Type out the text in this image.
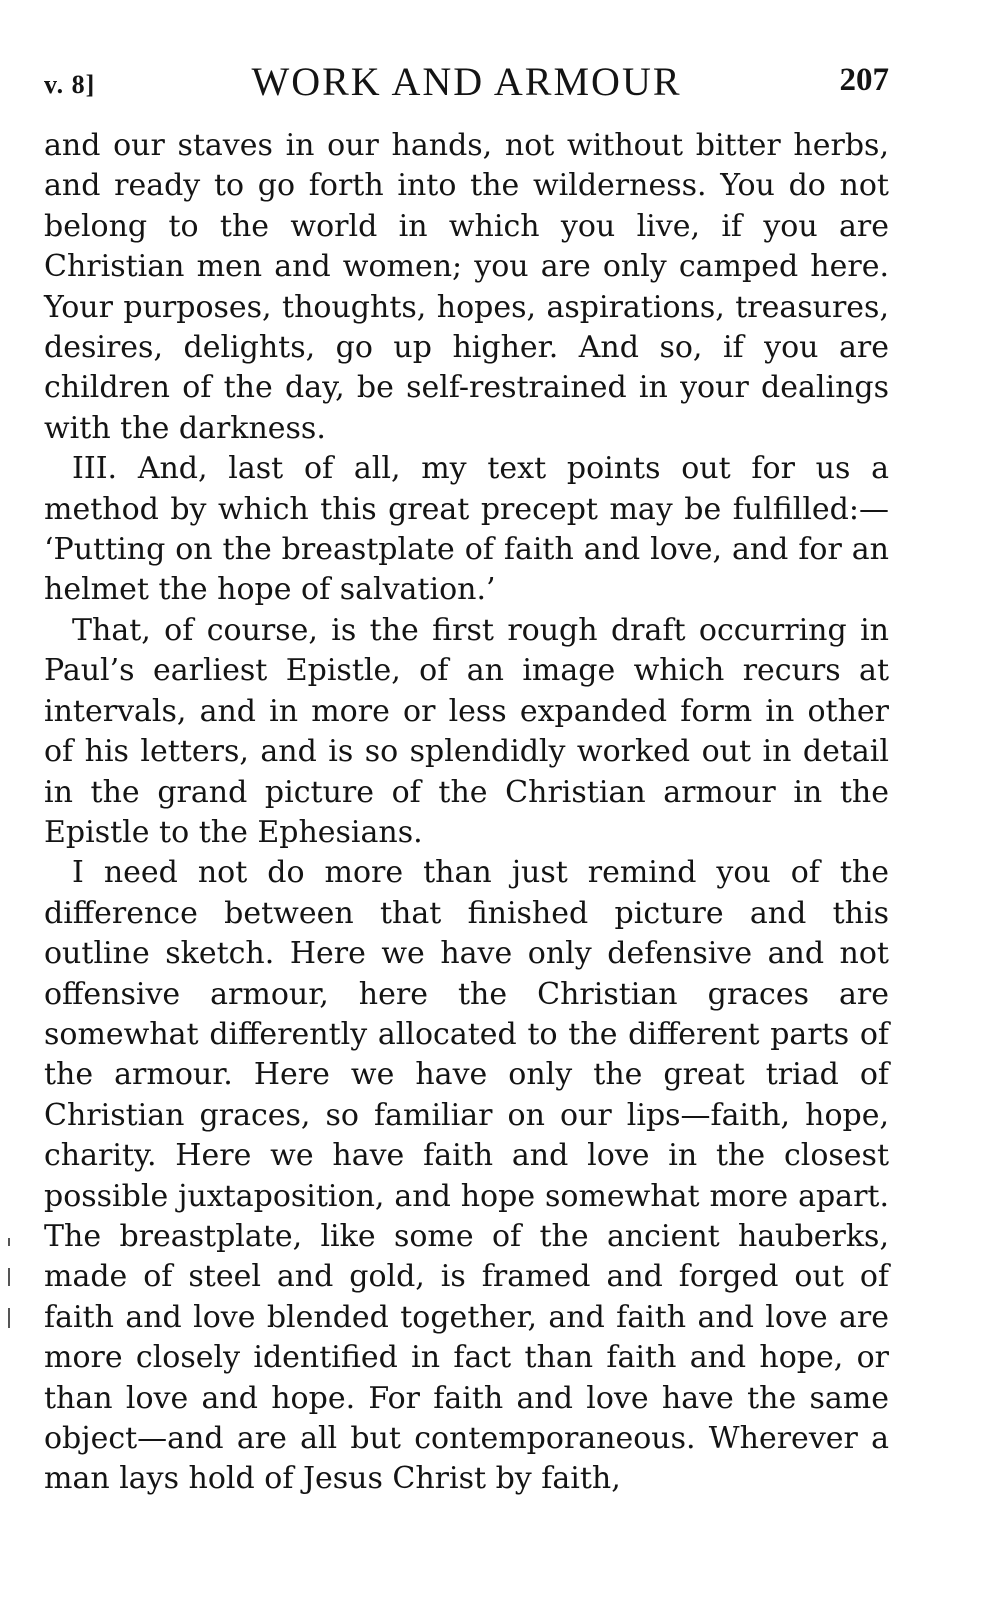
v. 8]	WORK AND ARMOUR	207

and our staves in our hands, not without bitter herbs, and ready to go forth into the wilderness. You do not belong to the world in which you live, if you are Christian men and women; you are only camped here. Your purposes, thoughts, hopes, aspirations, treasures, desires, delights, go up higher. And so, if you are children of the day, be self-restrained in your dealings with the darkness.

III. And, last of all, my text points out for us a method by which this great precept may be fulfilled:— ‘Putting on the breastplate of faith and love, and for an helmet the hope of salvation.’

That, of course, is the first rough draft occurring in Paul’s earliest Epistle, of an image which recurs at intervals, and in more or less expanded form in other of his letters, and is so splendidly worked out in detail in the grand picture of the Christian armour in the Epistle to the Ephesians.

I need not do more than just remind you of the difference between that finished picture and this outline sketch. Here we have only defensive and not offensive armour, here the Christian graces are somewhat differently allocated to the different parts of the armour. Here we have only the great triad of Christian graces, so familiar on our lips—faith, hope, charity. Here we have faith and love in the closest possible juxtaposition, and hope somewhat more apart. The breastplate, like some of the ancient hauberks, made of steel and gold, is framed and forged out of faith and love blended together, and faith and love are more closely identified in fact than faith and hope, or than love and hope. For faith and love have the same object—and are all but contemporaneous. Wherever a man lays hold of Jesus Christ by faith,
